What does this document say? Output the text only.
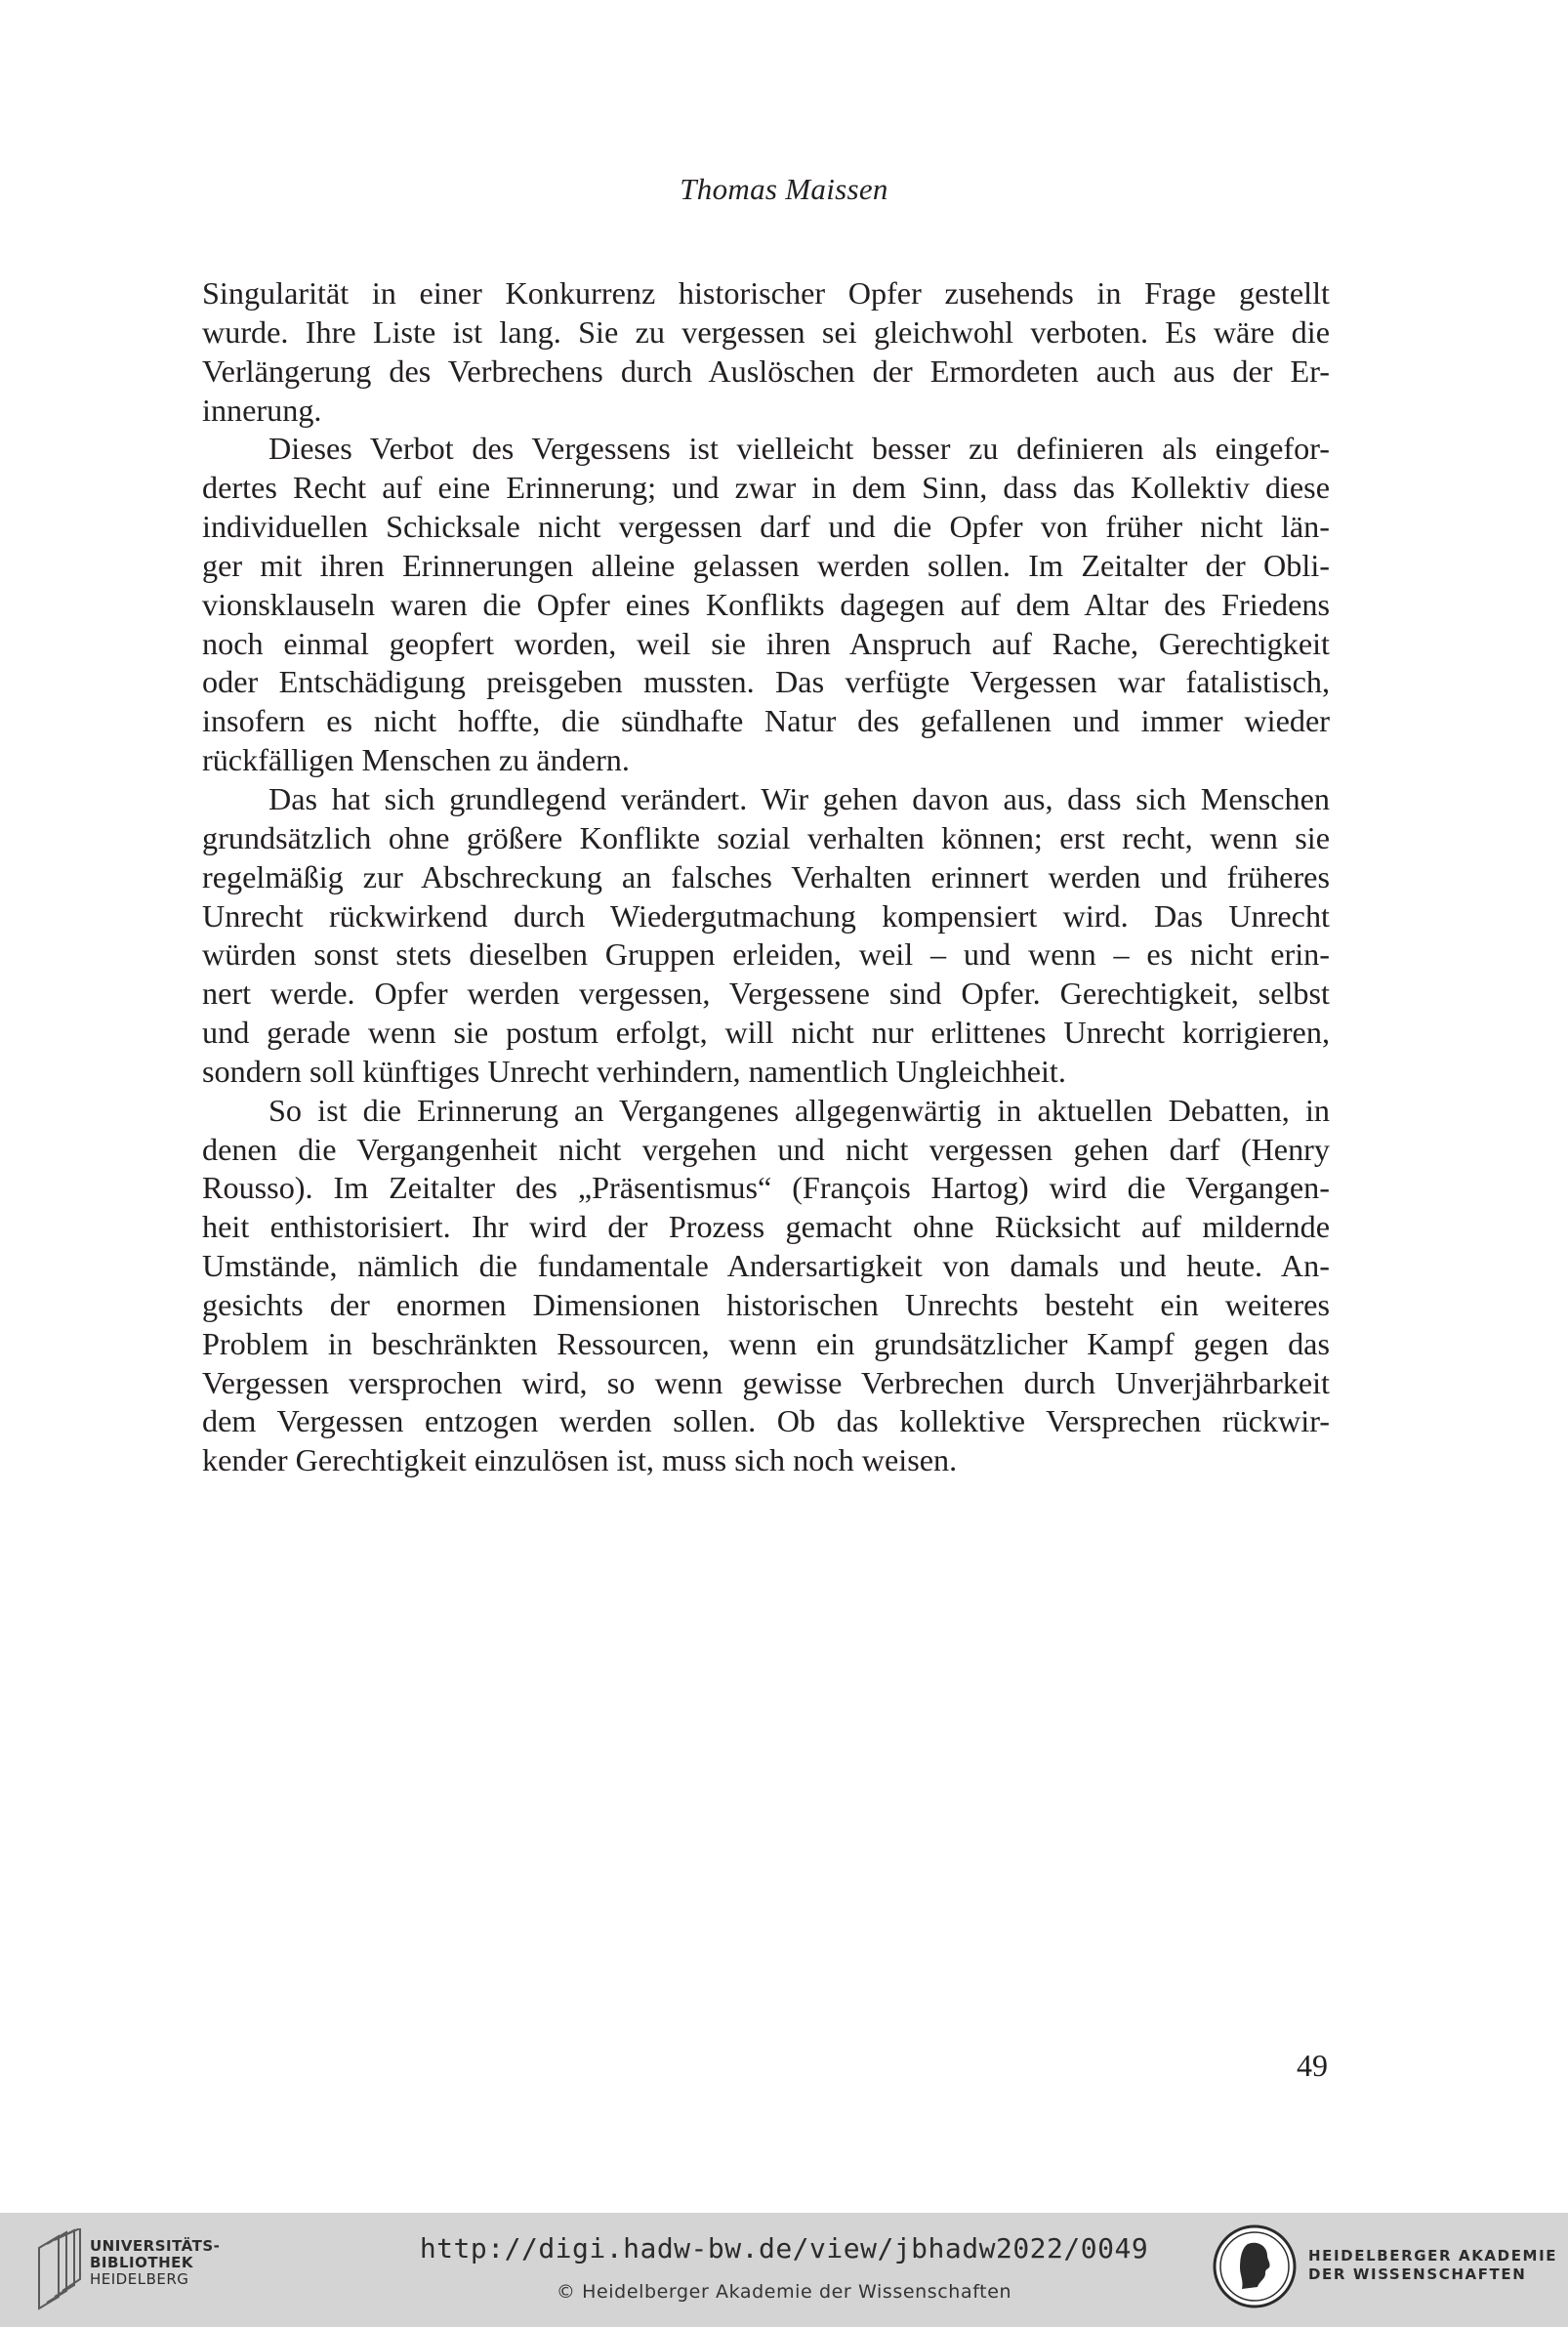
Thomas Maissen
Singularität in einer Konkurrenz historischer Opfer zusehends in Frage gestellt
wurde. Ihre Liste ist lang. Sie zu vergessen sei gleichwohl verboten. Es wäre die
Verlängerung des Verbrechens durch Auslöschen der Ermordeten auch aus der Er-
innerung.
Dieses Verbot des Vergessens ist vielleicht besser zu definieren als eingefor-
dertes Recht auf eine Erinnerung; und zwar in dem Sinn, dass das Kollektiv diese
individuellen Schicksale nicht vergessen darf und die Opfer von früher nicht län-
ger mit ihren Erinnerungen alleine gelassen werden sollen. Im Zeitalter der Obli-
vionsklauseln waren die Opfer eines Konflikts dagegen auf dem Altar des Friedens
noch einmal geopfert worden, weil sie ihren Anspruch auf Rache, Gerechtigkeit
oder Entschädigung preisgeben mussten. Das verfügte Vergessen war fatalistisch,
insofern es nicht hoffte, die sündhafte Natur des gefallenen und immer wieder
rückfälligen Menschen zu ändern.
Das hat sich grundlegend verändert. Wir gehen davon aus, dass sich Menschen
grundsätzlich ohne größere Konflikte sozial verhalten können; erst recht, wenn sie
regelmäßig zur Abschreckung an falsches Verhalten erinnert werden und früheres
Unrecht rückwirkend durch Wiedergutmachung kompensiert wird. Das Unrecht
würden sonst stets dieselben Gruppen erleiden, weil – und wenn – es nicht erin-
nert werde. Opfer werden vergessen, Vergessene sind Opfer. Gerechtigkeit, selbst
und gerade wenn sie postum erfolgt, will nicht nur erlittenes Unrecht korrigieren,
sondern soll künftiges Unrecht verhindern, namentlich Ungleichheit.
So ist die Erinnerung an Vergangenes allgegenwärtig in aktuellen Debatten, in
denen die Vergangenheit nicht vergehen und nicht vergessen gehen darf (Henry
Rousso). Im Zeitalter des „Präsentismus“ (François Hartog) wird die Vergangen-
heit enthistorisiert. Ihr wird der Prozess gemacht ohne Rücksicht auf mildernde
Umstände, nämlich die fundamentale Andersartigkeit von damals und heute. An-
gesichts der enormen Dimensionen historischen Unrechts besteht ein weiteres
Problem in beschränkten Ressourcen, wenn ein grundsätzlicher Kampf gegen das
Vergessen versprochen wird, so wenn gewisse Verbrechen durch Unverjährbarkeit
dem Vergessen entzogen werden sollen. Ob das kollektive Versprechen rückwir-
kender Gerechtigkeit einzulösen ist, muss sich noch weisen.
49
UNIVERSITÄTS-
BIBLIOTHEK
HEIDELBERG
http://digi.hadw-bw.de/view/jbhadw2022/0049
© Heidelberger Akademie der Wissenschaften
HEIDELBERGER AKADEMIE
DER WISSENSCHAFTEN
